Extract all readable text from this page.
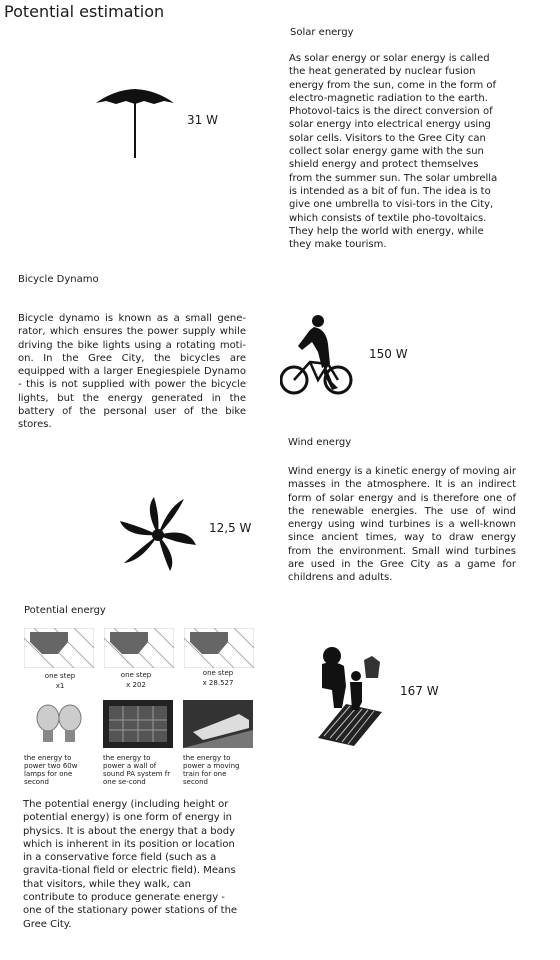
Potential estimation
Solar energy
As solar energy or solar energy is called the heat generated by nuclear fusion energy from the sun, come in the form of electro-magnetic radiation to the earth. Photovol-taics is the direct conversion of solar energy into electrical energy using solar cells. Visitors to the Gree City can collect solar energy game with the sun shield energy and protect themselves from the summer sun. The solar umbrella is intended as a bit of fun. The idea is to give one umbrella to visi-tors in the City, which consists of textile pho-tovoltaics. They help the world with energy, while they make tourism.
31 W
Bicycle Dynamo
Bicycle dynamo is known as a small gene-rator, which ensures the power supply while driving the bike lights using a rotating moti-on. In the Gree City, the bicycles are equipped with a larger Enegiespiele Dynamo - this is not supplied with power the bicycle lights, but the energy generated in the battery of the personal user of the bike stores.
150 W
Wind energy
Wind energy is a kinetic energy of moving air masses in the atmosphere. It is an indirect form of solar energy and is therefore one of the renewable energies. The use of wind energy using wind turbines is a well-known since ancient times, way to draw energy from the environment. Small wind turbines are used in the Gree City as a game for childrens and adults.
12,5 W
Potential energy
one step
x1
one step
x 202
one step
x 28.527
the energy to power two 60w lamps for one second
the energy to power a wall of sound PA system fr one se-cond
the energy to power a moving train for one second
The potential energy (including height or potential energy) is one form of energy in physics. It is about the energy that a body which is inherent in its position or location in a conservative force field (such as a gravita-tional field or electric field). Means that visitors, while they walk, can contribute to produce generate energy - one of the stationary power stations of the Gree City.
167 W
